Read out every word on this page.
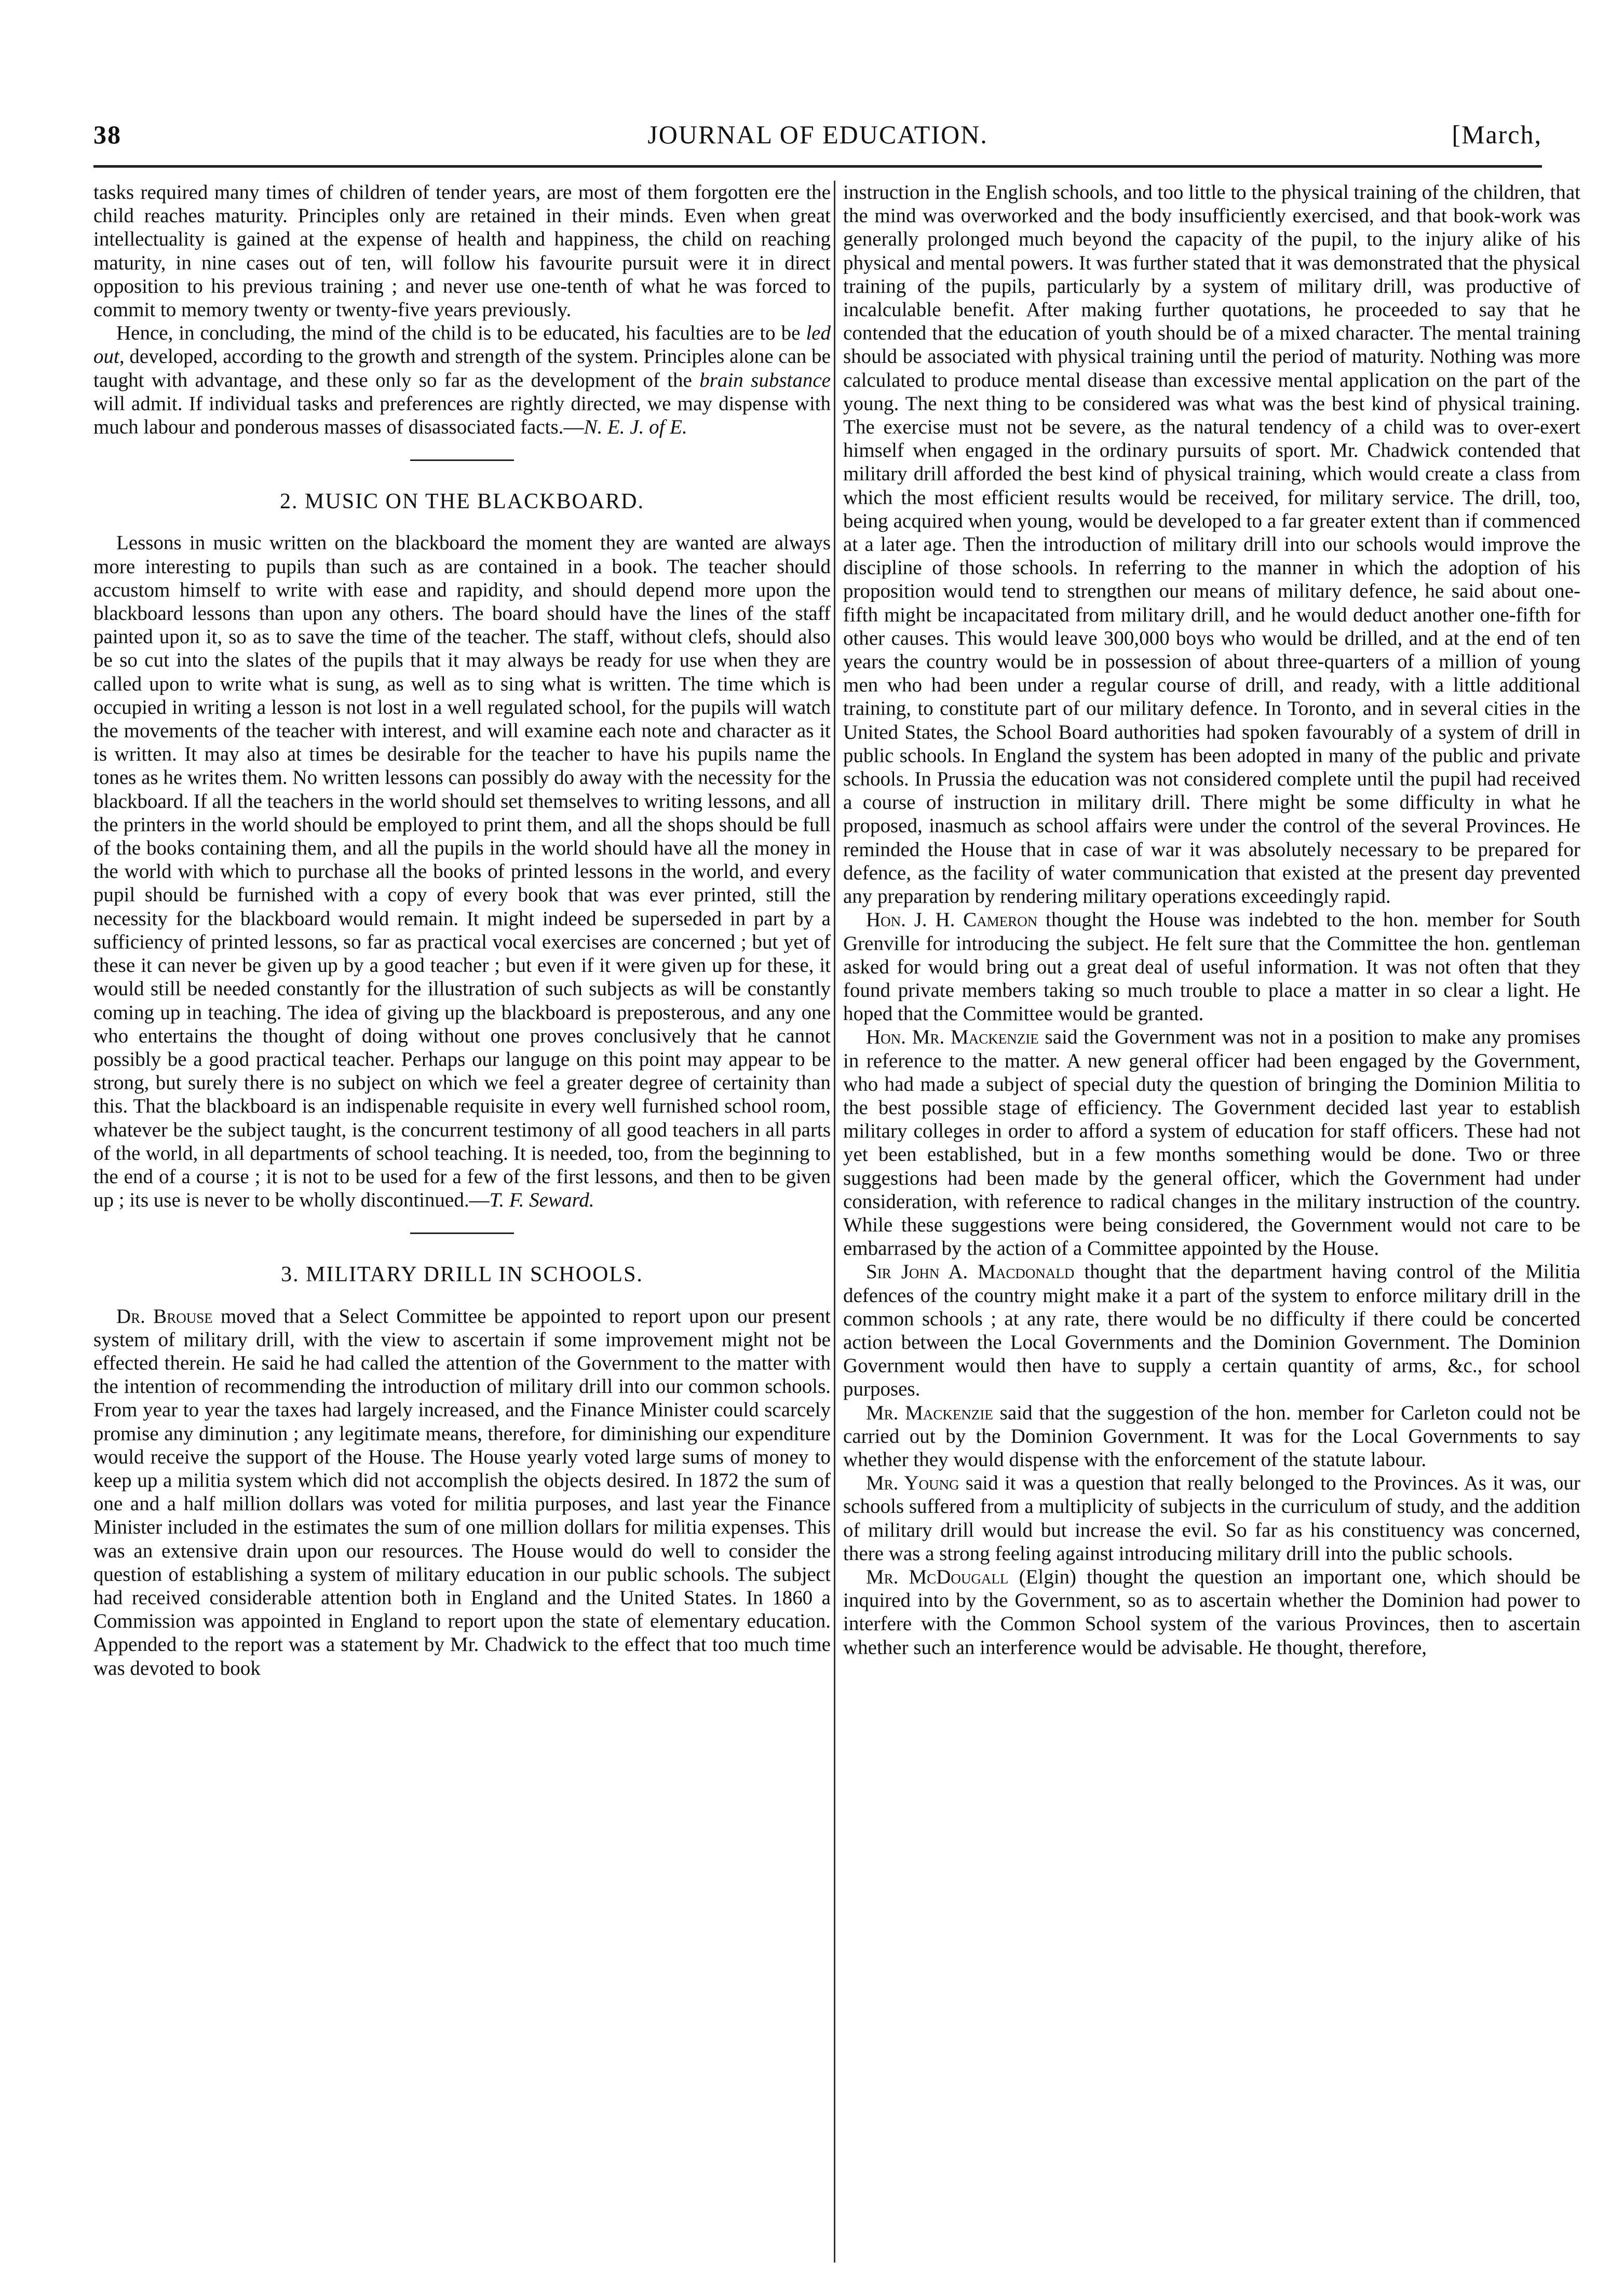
38	JOURNAL OF EDUCATION.	[March,

tasks required many times of children of tender years, are most of them forgotten ere the child reaches maturity. Principles only are retained in their minds. Even when great intellectuality is gained at the expense of health and happiness, the child on reaching maturity, in nine cases out of ten, will follow his favourite pursuit were it in direct opposition to his previous training ; and never use one-tenth of what he was forced to commit to memory twenty or twenty-five years previously.

Hence, in concluding, the mind of the child is to be educated, his faculties are to be led out, developed, according to the growth and strength of the system. Principles alone can be taught with advantage, and these only so far as the development of the brain substance will admit. If individual tasks and preferences are rightly directed, we may dispense with much labour and ponderous masses of disassociated facts.—N. E. J. of E.

2. MUSIC ON THE BLACKBOARD.

Lessons in music written on the blackboard the moment they are wanted are always more interesting to pupils than such as are contained in a book. The teacher should accustom himself to write with ease and rapidity, and should depend more upon the blackboard lessons than upon any others. The board should have the lines of the staff painted upon it, so as to save the time of the teacher. The staff, without clefs, should also be so cut into the slates of the pupils that it may always be ready for use when they are called upon to write what is sung, as well as to sing what is written. The time which is occupied in writing a lesson is not lost in a well regulated school, for the pupils will watch the movements of the teacher with interest, and will examine each note and character as it is written. It may also at times be desirable for the teacher to have his pupils name the tones as he writes them. No written lessons can possibly do away with the necessity for the blackboard. If all the teachers in the world should set themselves to writing lessons, and all the printers in the world should be employed to print them, and all the shops should be full of the books containing them, and all the pupils in the world should have all the money in the world with which to purchase all the books of printed lessons in the world, and every pupil should be furnished with a copy of every book that was ever printed, still the necessity for the blackboard would remain. It might indeed be superseded in part by a sufficiency of printed lessons, so far as practical vocal exercises are concerned ; but yet of these it can never be given up by a good teacher ; but even if it were given up for these, it would still be needed constantly for the illustration of such subjects as will be constantly coming up in teaching. The idea of giving up the blackboard is preposterous, and any one who entertains the thought of doing without one proves conclusively that he cannot possibly be a good practical teacher. Perhaps our languge on this point may appear to be strong, but surely there is no subject on which we feel a greater degree of certainity than this. That the blackboard is an indispenable requisite in every well furnished school room, whatever be the subject taught, is the concurrent testimony of all good teachers in all parts of the world, in all departments of school teaching. It is needed, too, from the beginning to the end of a course ; it is not to be used for a few of the first lessons, and then to be given up ; its use is never to be wholly discontinued.—T. F. Seward.

3. MILITARY DRILL IN SCHOOLS.

Dr. Brouse moved that a Select Committee be appointed to report upon our present system of military drill, with the view to ascertain if some improvement might not be effected therein. He said he had called the attention of the Government to the matter with the intention of recommending the introduction of military drill into our common schools. From year to year the taxes had largely increased, and the Finance Minister could scarcely promise any diminution ; any legitimate means, therefore, for diminishing our expenditure would receive the support of the House. The House yearly voted large sums of money to keep up a militia system which did not accomplish the objects desired. In 1872 the sum of one and a half million dollars was voted for militia purposes, and last year the Finance Minister included in the estimates the sum of one million dollars for militia expenses. This was an extensive drain upon our resources. The House would do well to consider the question of establishing a system of military education in our public schools. The subject had received considerable attention both in England and the United States. In 1860 a Commission was appointed in England to report upon the state of elementary education. Appended to the report was a statement by Mr. Chadwick to the effect that too much time was devoted to book

instruction in the English schools, and too little to the physical training of the children, that the mind was overworked and the body insufficiently exercised, and that book-work was generally prolonged much beyond the capacity of the pupil, to the injury alike of his physical and mental powers. It was further stated that it was demonstrated that the physical training of the pupils, particularly by a system of military drill, was productive of incalculable benefit. After making further quotations, he proceeded to say that he contended that the education of youth should be of a mixed character. The mental training should be associated with physical training until the period of maturity. Nothing was more calculated to produce mental disease than excessive mental application on the part of the young. The next thing to be considered was what was the best kind of physical training. The exercise must not be severe, as the natural tendency of a child was to over-exert himself when engaged in the ordinary pursuits of sport. Mr. Chadwick contended that military drill afforded the best kind of physical training, which would create a class from which the most efficient results would be received, for military service. The drill, too, being acquired when young, would be developed to a far greater extent than if commenced at a later age. Then the introduction of military drill into our schools would improve the discipline of those schools. In referring to the manner in which the adoption of his proposition would tend to strengthen our means of military defence, he said about one-fifth might be incapacitated from military drill, and he would deduct another one-fifth for other causes. This would leave 300,000 boys who would be drilled, and at the end of ten years the country would be in possession of about three-quarters of a million of young men who had been under a regular course of drill, and ready, with a little additional training, to constitute part of our military defence. In Toronto, and in several cities in the United States, the School Board authorities had spoken favourably of a system of drill in public schools. In England the system has been adopted in many of the public and private schools. In Prussia the education was not considered complete until the pupil had received a course of instruction in military drill. There might be some difficulty in what he proposed, inasmuch as school affairs were under the control of the several Provinces. He reminded the House that in case of war it was absolutely necessary to be prepared for defence, as the facility of water communication that existed at the present day prevented any preparation by rendering military operations exceedingly rapid.

Hon. J. H. Cameron thought the House was indebted to the hon. member for South Grenville for introducing the subject. He felt sure that the Committee the hon. gentleman asked for would bring out a great deal of useful information. It was not often that they found private members taking so much trouble to place a matter in so clear a light. He hoped that the Committee would be granted.

Hon. Mr. Mackenzie said the Government was not in a position to make any promises in reference to the matter. A new general officer had been engaged by the Government, who had made a subject of special duty the question of bringing the Dominion Militia to the best possible stage of efficiency. The Government decided last year to establish military colleges in order to afford a system of education for staff officers. These had not yet been established, but in a few months something would be done. Two or three suggestions had been made by the general officer, which the Government had under consideration, with reference to radical changes in the military instruction of the country. While these suggestions were being considered, the Government would not care to be embarrased by the action of a Committee appointed by the House.

Sir John A. Macdonald thought that the department having control of the Militia defences of the country might make it a part of the system to enforce military drill in the common schools ; at any rate, there would be no difficulty if there could be concerted action between the Local Governments and the Dominion Government. The Dominion Government would then have to supply a certain quantity of arms, &c., for school purposes.

Mr. Mackenzie said that the suggestion of the hon. member for Carleton could not be carried out by the Dominion Government. It was for the Local Governments to say whether they would dispense with the enforcement of the statute labour.

Mr. Young said it was a question that really belonged to the Provinces. As it was, our schools suffered from a multiplicity of subjects in the curriculum of study, and the addition of military drill would but increase the evil. So far as his constituency was concerned, there was a strong feeling against introducing military drill into the public schools.

Mr. McDougall (Elgin) thought the question an important one, which should be inquired into by the Government, so as to ascertain whether the Dominion had power to interfere with the Common School system of the various Provinces, then to ascertain whether such an interference would be advisable. He thought, therefore,
